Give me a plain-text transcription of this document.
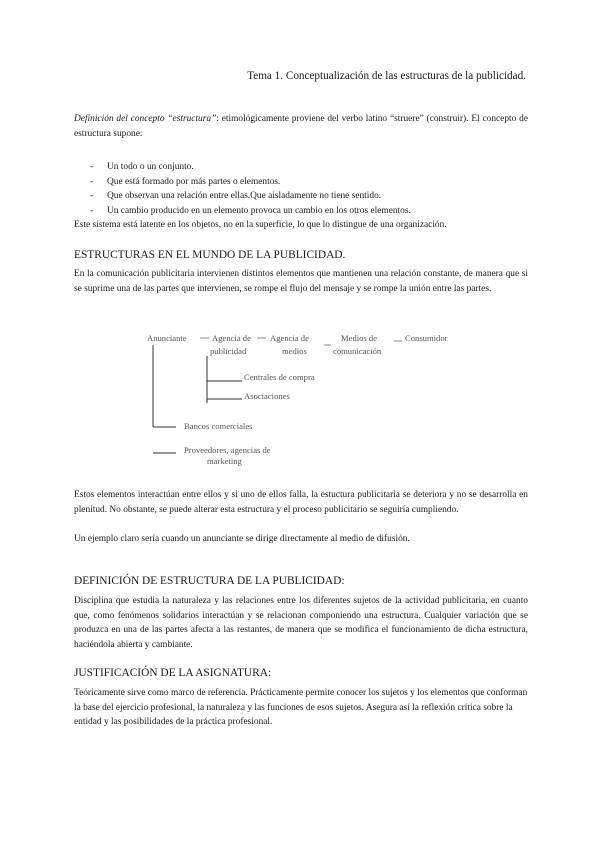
Tema 1. Conceptualización de las estructuras de la publicidad.
Definición del concepto “estructura”: etimológicamente proviene del verbo latino “struere” (construir). El concepto de estructura supone:
- Un todo o un conjunto.
- Que está formado por más partes o elementos.
- Que observan una relación entre ellas.Que aisladamente no tiene sentido.
- Un cambio producido en un elemento provoca un cambio en los otros elementos.
Este sistema está latente en los objetos, no en la superficie, lo que lo distingue de una organización.
ESTRUCTURAS EN EL MUNDO DE LA PUBLICIDAD.
En la comunicación publicitaria intervienen distintos elementos que mantienen una relación constante, de manera que si se suprime una de las partes que intervienen, se rompe el flujo del mensaje y se rompe la unión entre las partes.
Anunciante	Agencia de
publicidad
Agencia de
medios
Medios de
comunicación
Consumidor
Centrales de compra
Asociaciones
Bancos comerciales
Proveedores, agencias de
marketing
Estos elementos interactúan entre ellos y si uno de ellos falla, la estuctura publicitaria se deteriora y no se desarrolla en plenitud. No obstante, se puede alterar esta estructura y el proceso publicitario se seguiría cumpliendo.
Un ejemplo claro sería cuando un anunciante se dirige directamente al medio de difusión.
DEFINICIÓN DE ESTRUCTURA DE LA PUBLICIDAD:
Disciplina que estudia la naturaleza y las relaciones entre los diferentes sujetos de la actividad publicitaria, en cuanto que, como fenómenos solidarios interactúan y se relacionan componiendo una estructura. Cualquier variación que se produzca en una de las partes afecta a las restantes, de manera que se modifica el funcionamiento de dicha estructura, haciéndola abierta y cambiante.
JUSTIFICACIÓN DE LA ASIGNATURA:
Teóricamente sirve como marco de referencia. Prácticamente permite conocer los sujetos y los elementos que conforman la base del ejercicio profesional, la naturaleza y las funciones de esos sujetos. Asegura así la reflexión crítica sobre la entidad y las posibilidades de la práctica profesional.
